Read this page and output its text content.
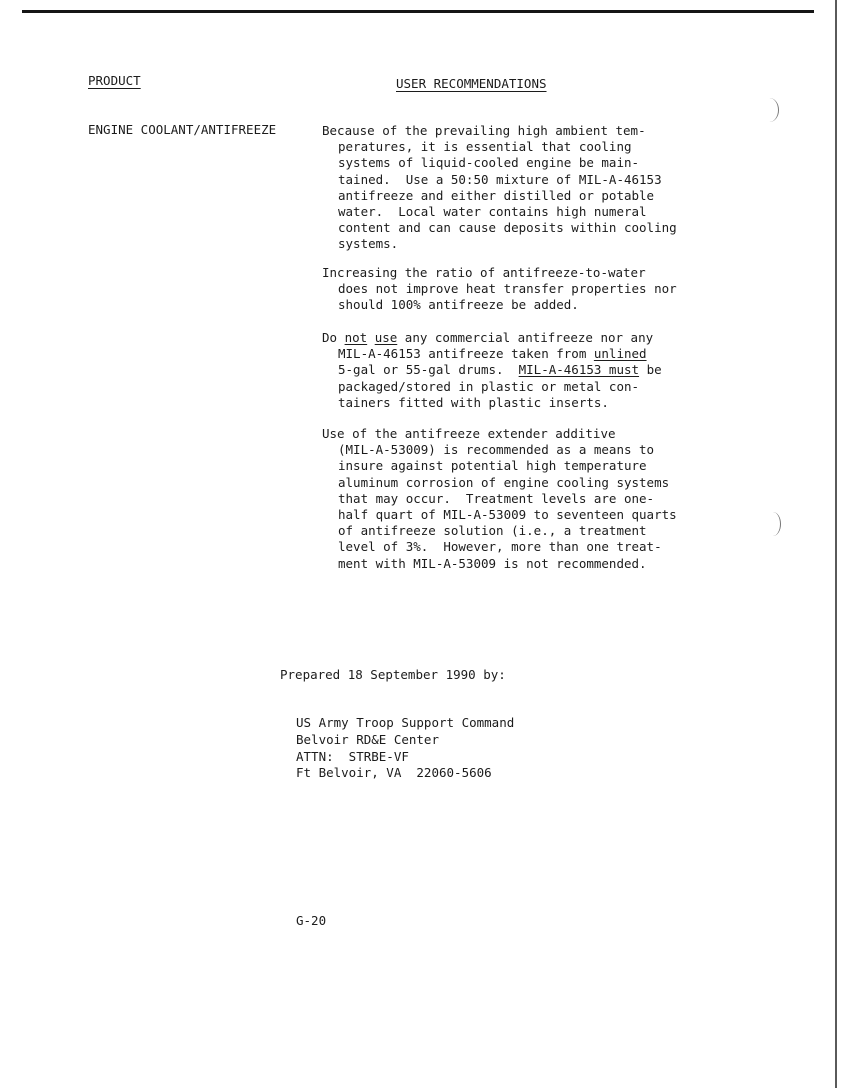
PRODUCT	USER RECOMMENDATIONS
ENGINE COOLANT/ANTIFREEZE	Because of the prevailing high ambient tem-
peratures, it is essential that cooling
systems of liquid-cooled engine be main-
tained.  Use a 50:50 mixture of MIL-A-46153
antifreeze and either distilled or potable
water.  Local water contains high numeral
content and can cause deposits within cooling
systems.
Increasing the ratio of antifreeze-to-water
does not improve heat transfer properties nor
should 100% antifreeze be added.
Do not use any commercial antifreeze nor any
MIL-A-46153 antifreeze taken from unlined
5-gal or 55-gal drums.  MIL-A-46153 must be
packaged/stored in plastic or metal con-
tainers fitted with plastic inserts.
Use of the antifreeze extender additive
(MIL-A-53009) is recommended as a means to
insure against potential high temperature
aluminum corrosion of engine cooling systems
that may occur.  Treatment levels are one-
half quart of MIL-A-53009 to seventeen quarts
of antifreeze solution (i.e., a treatment
level of 3%.  However, more than one treat-
ment with MIL-A-53009 is not recommended.
Prepared 18 September 1990 by:
US Army Troop Support Command
Belvoir RD&E Center
ATTN:  STRBE-VF
Ft Belvoir, VA  22060-5606
G-20
